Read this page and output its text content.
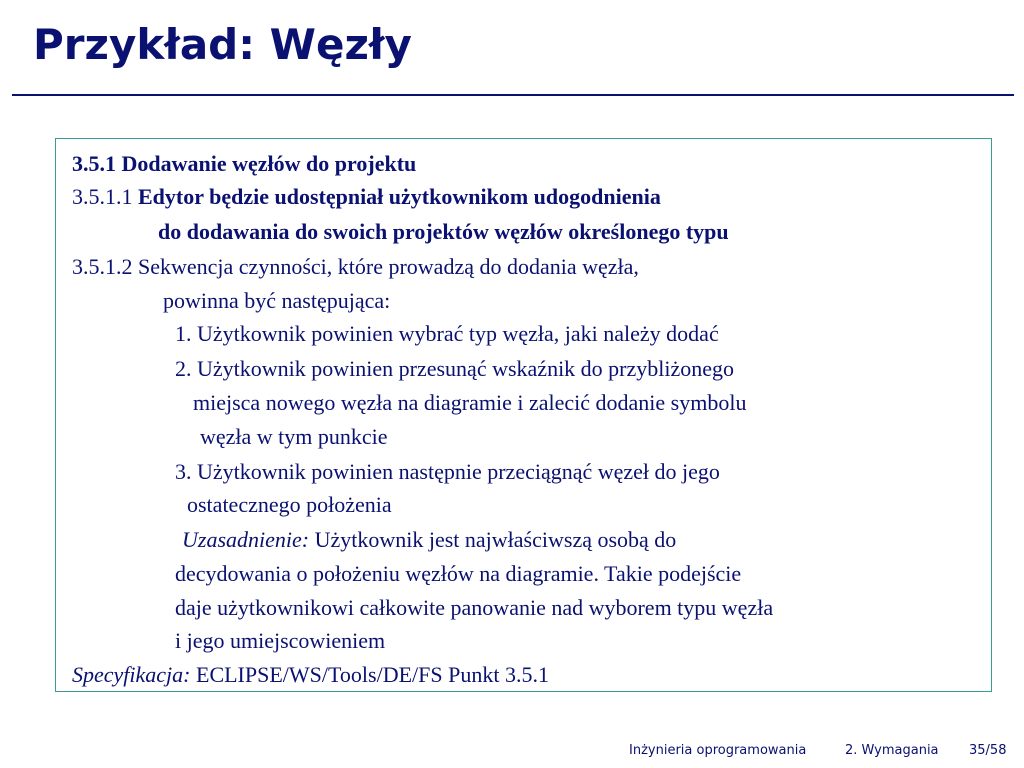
Przykład: Węzły
3.5.1 Dodawanie węzłów do projektu
3.5.1.1 Edytor będzie udostępniał użytkownikom udogodnienia
do dodawania do swoich projektów węzłów określonego typu
3.5.1.2 Sekwencja czynności, które prowadzą do dodania węzła,
powinna być następująca:
1. Użytkownik powinien wybrać typ węzła, jaki należy dodać
2. Użytkownik powinien przesunąć wskaźnik do przybliżonego
miejsca nowego węzła na diagramie i zalecić dodanie symbolu
węzła w tym punkcie
3. Użytkownik powinien następnie przeciągnąć węzeł do jego
ostatecznego położenia
Uzasadnienie: Użytkownik jest najwłaściwszą osobą do
decydowania o położeniu węzłów na diagramie. Takie podejście
daje użytkownikowi całkowite panowanie nad wyborem typu węzła
i jego umiejscowieniem
Specyfikacja: ECLIPSE/WS/Tools/DE/FS Punkt 3.5.1
Inżynieria oprogramowania	2. Wymagania 35/58
